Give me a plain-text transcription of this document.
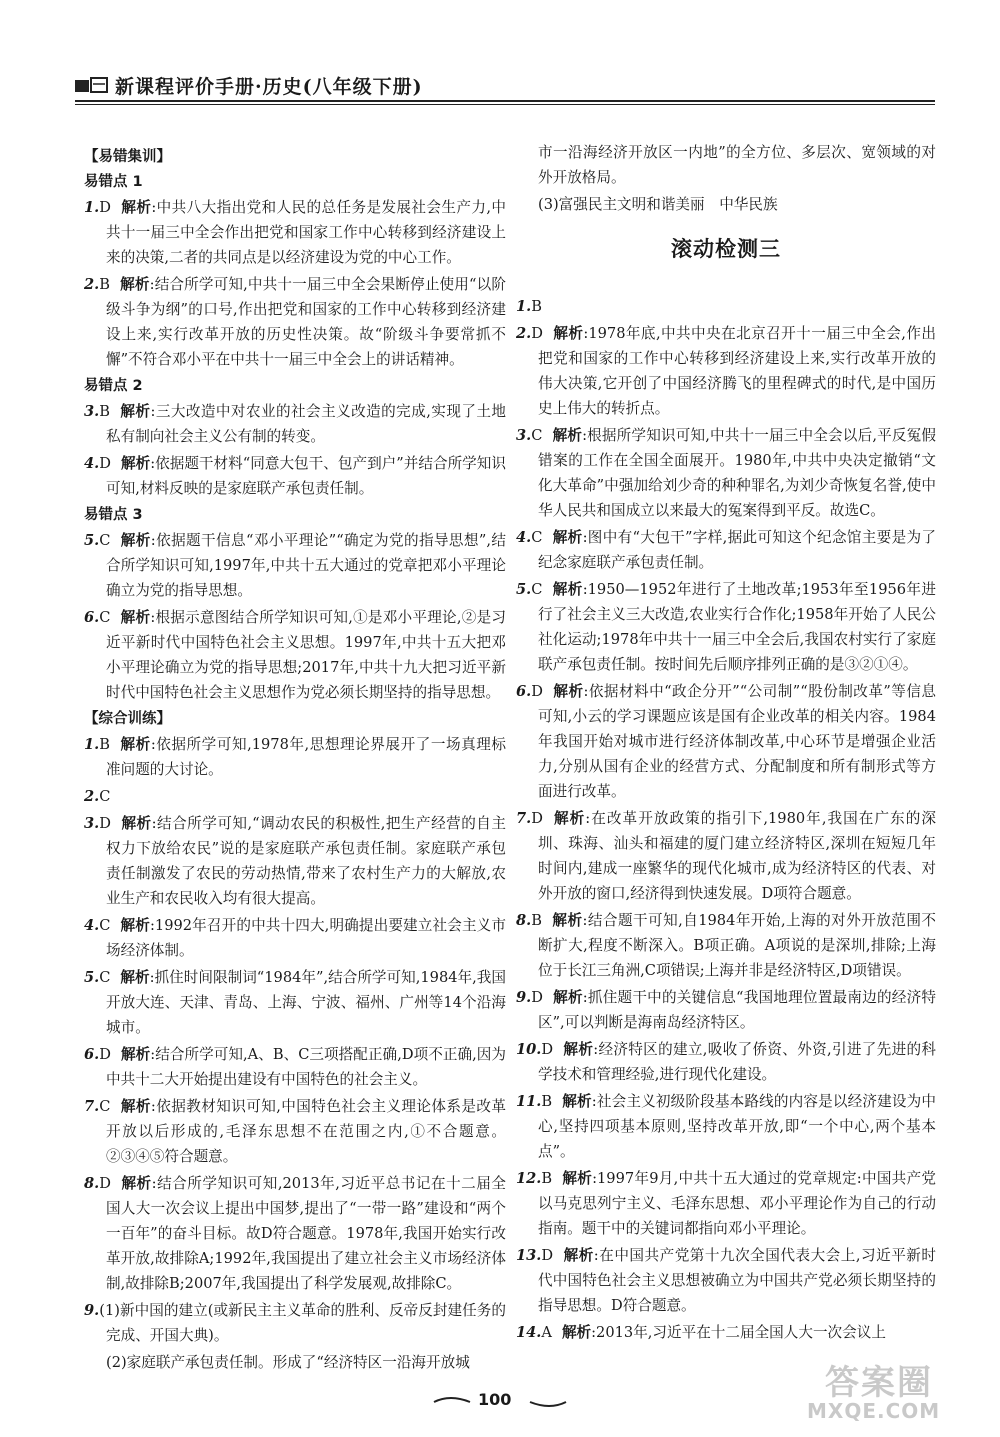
新课程评价手册·历史(八年级下册)

【易错集训】

易错点 1

1.D 解析:中共八大指出党和人民的总任务是发展社会生产力,中共十一届三中全会作出把党和国家工作中心转移到经济建设上来的决策,二者的共同点是以经济建设为党的中心工作。

2.B 解析:结合所学可知,中共十一届三中全会果断停止使用“以阶级斗争为纲”的口号,作出把党和国家的工作中心转移到经济建设上来,实行改革开放的历史性决策。故“阶级斗争要常抓不懈”不符合邓小平在中共十一届三中全会上的讲话精神。

易错点 2

3.B 解析:三大改造中对农业的社会主义改造的完成,实现了土地私有制向社会主义公有制的转变。

4.D 解析:依据题干材料“同意大包干、包产到户”并结合所学知识可知,材料反映的是家庭联产承包责任制。

易错点 3

5.C 解析:依据题干信息“邓小平理论”“确定为党的指导思想”,结合所学知识可知,1997年,中共十五大通过的党章把邓小平理论确立为党的指导思想。

6.C 解析:根据示意图结合所学知识可知,①是邓小平理论,②是习近平新时代中国特色社会主义思想。1997年,中共十五大把邓小平理论确立为党的指导思想;2017年,中共十九大把习近平新时代中国特色社会主义思想作为党必须长期坚持的指导思想。

【综合训练】

1.B 解析:依据所学可知,1978年,思想理论界展开了一场真理标准问题的大讨论。

2.C

3.D 解析:结合所学可知,“调动农民的积极性,把生产经营的自主权力下放给农民”说的是家庭联产承包责任制。家庭联产承包责任制激发了农民的劳动热情,带来了农村生产力的大解放,农业生产和农民收入均有很大提高。

4.C 解析:1992年召开的中共十四大,明确提出要建立社会主义市场经济体制。

5.C 解析:抓住时间限制词“1984年”,结合所学可知,1984年,我国开放大连、天津、青岛、上海、宁波、福州、广州等14个沿海城市。

6.D 解析:结合所学可知,A、B、C三项搭配正确,D项不正确,因为中共十二大开始提出建设有中国特色的社会主义。

7.C 解析:依据教材知识可知,中国特色社会主义理论体系是改革开放以后形成的,毛泽东思想不在范围之内,①不合题意。②③④⑤符合题意。

8.D 解析:结合所学知识可知,2013年,习近平总书记在十二届全国人大一次会议上提出中国梦,提出了“一带一路”建设和“两个一百年”的奋斗目标。故D符合题意。1978年,我国开始实行改革开放,故排除A;1992年,我国提出了建立社会主义市场经济体制,故排除B;2007年,我国提出了科学发展观,故排除C。

9.(1)新中国的建立(或新民主主义革命的胜利、反帝反封建任务的完成、开国大典)。

(2)家庭联产承包责任制。形成了“经济特区一沿海开放城

市一沿海经济开放区一内地”的全方位、多层次、宽领域的对外开放格局。

(3)富强民主文明和谐美丽　中华民族

滚动检测三

1.B

2.D 解析:1978年底,中共中央在北京召开十一届三中全会,作出把党和国家的工作中心转移到经济建设上来,实行改革开放的伟大决策,它开创了中国经济腾飞的里程碑式的时代,是中国历史上伟大的转折点。

3.C 解析:根据所学知识可知,中共十一届三中全会以后,平反冤假错案的工作在全国全面展开。1980年,中共中央决定撤销“文化大革命”中强加给刘少奇的种种罪名,为刘少奇恢复名誉,使中华人民共和国成立以来最大的冤案得到平反。故选C。

4.C 解析:图中有“大包干”字样,据此可知这个纪念馆主要是为了纪念家庭联产承包责任制。

5.C 解析:1950—1952年进行了土地改革;1953年至1956年进行了社会主义三大改造,农业实行合作化;1958年开始了人民公社化运动;1978年中共十一届三中全会后,我国农村实行了家庭联产承包责任制。按时间先后顺序排列正确的是③②①④。

6.D 解析:依据材料中“政企分开”“公司制”“股份制改革”等信息可知,小云的学习课题应该是国有企业改革的相关内容。1984年我国开始对城市进行经济体制改革,中心环节是增强企业活力,分别从国有企业的经营方式、分配制度和所有制形式等方面进行改革。

7.D 解析:在改革开放政策的指引下,1980年,我国在广东的深圳、珠海、汕头和福建的厦门建立经济特区,深圳在短短几年时间内,建成一座繁华的现代化城市,成为经济特区的代表、对外开放的窗口,经济得到快速发展。D项符合题意。

8.B 解析:结合题干可知,自1984年开始,上海的对外开放范围不断扩大,程度不断深入。B项正确。A项说的是深圳,排除;上海位于长江三角洲,C项错误;上海并非是经济特区,D项错误。

9.D 解析:抓住题干中的关键信息“我国地理位置最南边的经济特区”,可以判断是海南岛经济特区。

10.D 解析:经济特区的建立,吸收了侨资、外资,引进了先进的科学技术和管理经验,进行现代化建设。

11.B 解析:社会主义初级阶段基本路线的内容是以经济建设为中心,坚持四项基本原则,坚持改革开放,即“一个中心,两个基本点”。

12.B 解析:1997年9月,中共十五大通过的党章规定:中国共产党以马克思列宁主义、毛泽东思想、邓小平理论作为自己的行动指南。题干中的关键词都指向邓小平理论。

13.D 解析:在中国共产党第十九次全国代表大会上,习近平新时代中国特色社会主义思想被确立为中国共产党必须长期坚持的指导思想。D符合题意。

14.A 解析:2013年,习近平在十二届全国人大一次会议上

100	答案圈
MXQE.COM
